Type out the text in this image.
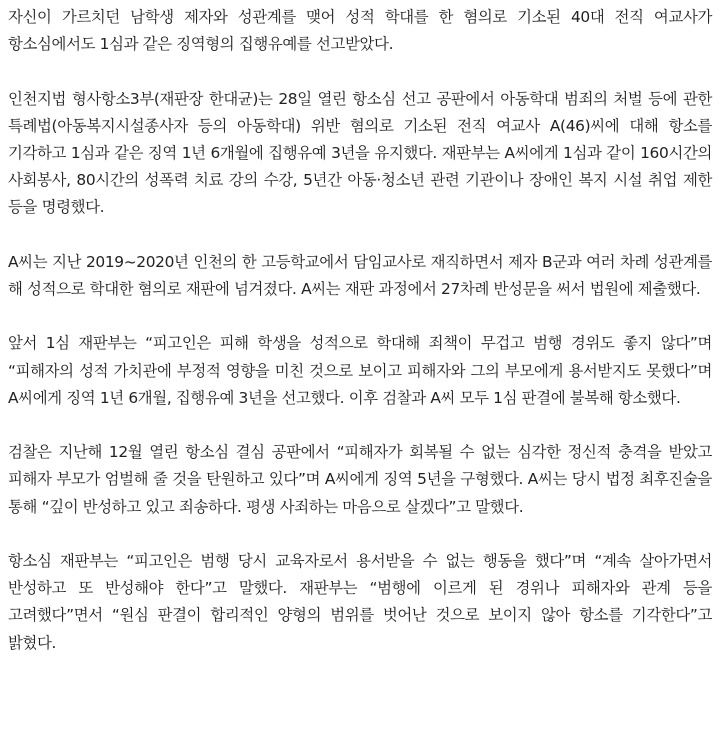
자신이 가르치던 남학생 제자와 성관계를 맺어 성적 학대를 한 혐의로 기소된 40대 전직 여교사가 항소심에서도 1심과 같은 징역형의 집행유예를 선고받았다.

인천지법 형사항소3부(재판장 한대균)는 28일 열린 항소심 선고 공판에서 아동학대 범죄의 처벌 등에 관한 특례법(아동복지시설종사자 등의 아동학대) 위반 혐의로 기소된 전직 여교사 A(46)씨에 대해 항소를 기각하고 1심과 같은 징역 1년 6개월에 집행유예 3년을 유지했다. 재판부는 A씨에게 1심과 같이 160시간의 사회봉사, 80시간의 성폭력 치료 강의 수강, 5년간 아동·청소년 관련 기관이나 장애인 복지 시설 취업 제한 등을 명령했다.

A씨는 지난 2019~2020년 인천의 한 고등학교에서 담임교사로 재직하면서 제자 B군과 여러 차례 성관계를 해 성적으로 학대한 혐의로 재판에 넘겨졌다. A씨는 재판 과정에서 27차례 반성문을 써서 법원에 제출했다.

앞서 1심 재판부는 “피고인은 피해 학생을 성적으로 학대해 죄책이 무겁고 범행 경위도 좋지 않다”며 “피해자의 성적 가치관에 부정적 영향을 미친 것으로 보이고 피해자와 그의 부모에게 용서받지도 못했다”며 A씨에게 징역 1년 6개월, 집행유예 3년을 선고했다. 이후 검찰과 A씨 모두 1심 판결에 불복해 항소했다.

검찰은 지난해 12월 열린 항소심 결심 공판에서 “피해자가 회복될 수 없는 심각한 정신적 충격을 받았고 피해자 부모가 엄벌해 줄 것을 탄원하고 있다”며 A씨에게 징역 5년을 구형했다. A씨는 당시 법정 최후진술을 통해 “깊이 반성하고 있고 죄송하다. 평생 사죄하는 마음으로 살겠다”고 말했다.

항소심 재판부는 “피고인은 범행 당시 교육자로서 용서받을 수 없는 행동을 했다”며 “계속 살아가면서 반성하고 또 반성해야 한다”고 말했다. 재판부는 “범행에 이르게 된 경위나 피해자와 관계 등을 고려했다”면서 “원심 판결이 합리적인 양형의 범위를 벗어난 것으로 보이지 않아 항소를 기각한다”고 밝혔다.
